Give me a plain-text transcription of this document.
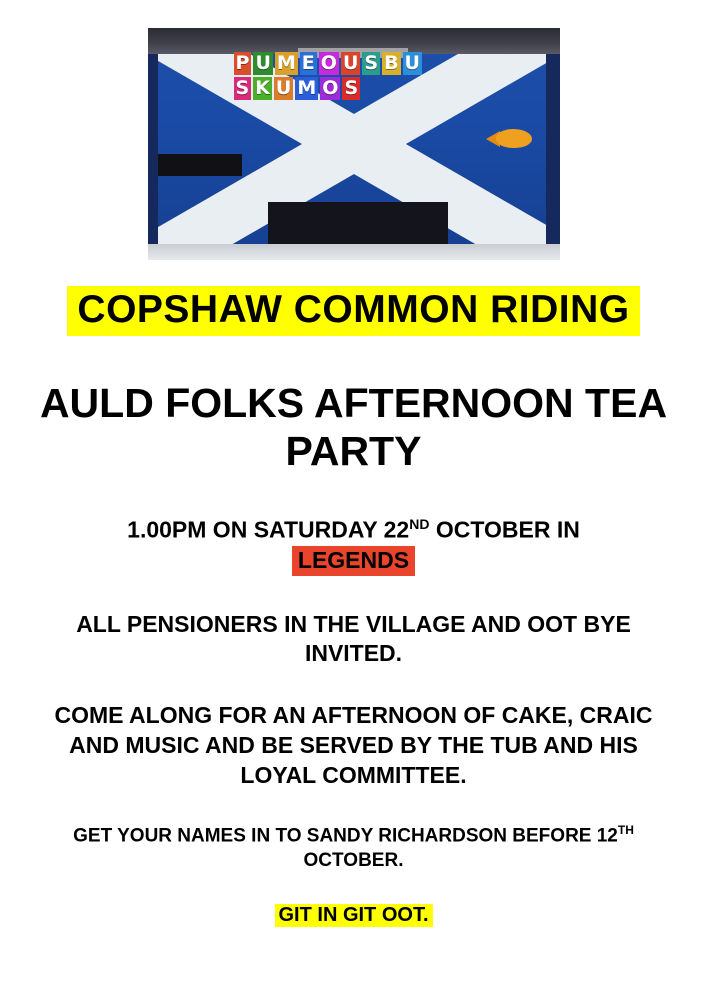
P U M E O U S B U
S K U M O S
COPSHAW COMMON RIDING
AULD FOLKS AFTERNOON TEA PARTY
1.00PM ON SATURDAY 22ND OCTOBER IN
LEGENDS
ALL PENSIONERS IN THE VILLAGE AND OOT BYE INVITED.
COME ALONG FOR AN AFTERNOON OF CAKE, CRAIC AND MUSIC AND BE SERVED BY THE TUB AND HIS LOYAL COMMITTEE.
GET YOUR NAMES IN TO SANDY RICHARDSON BEFORE 12TH OCTOBER.
GIT IN GIT OOT.
